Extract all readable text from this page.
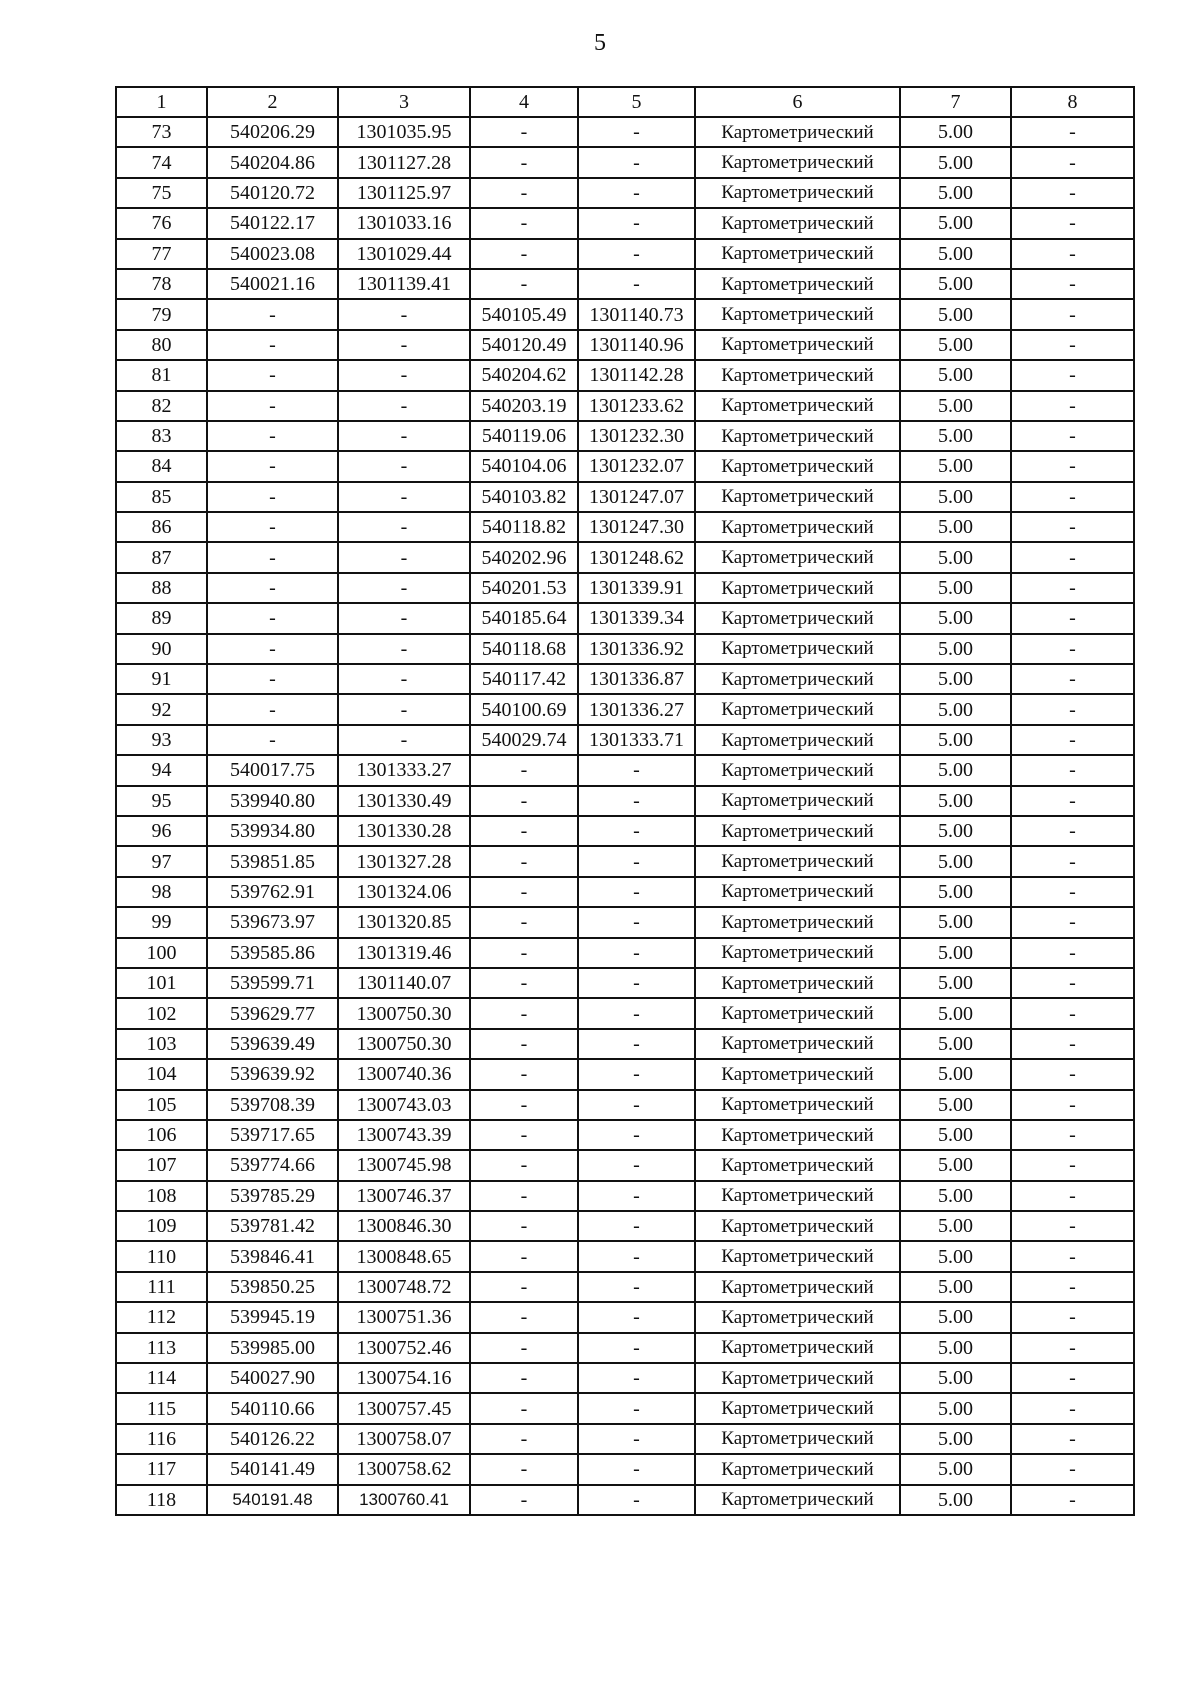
5
1	2	3	4	5	6	7	8
73	540206.29	1301035.95	-	-	Картометрический	5.00	-
74	540204.86	1301127.28	-	-	Картометрический	5.00	-
75	540120.72	1301125.97	-	-	Картометрический	5.00	-
76	540122.17	1301033.16	-	-	Картометрический	5.00	-
77	540023.08	1301029.44	-	-	Картометрический	5.00	-
78	540021.16	1301139.41	-	-	Картометрический	5.00	-
79	-	-	540105.49	1301140.73	Картометрический	5.00	-
80	-	-	540120.49	1301140.96	Картометрический	5.00	-
81	-	-	540204.62	1301142.28	Картометрический	5.00	-
82	-	-	540203.19	1301233.62	Картометрический	5.00	-
83	-	-	540119.06	1301232.30	Картометрический	5.00	-
84	-	-	540104.06	1301232.07	Картометрический	5.00	-
85	-	-	540103.82	1301247.07	Картометрический	5.00	-
86	-	-	540118.82	1301247.30	Картометрический	5.00	-
87	-	-	540202.96	1301248.62	Картометрический	5.00	-
88	-	-	540201.53	1301339.91	Картометрический	5.00	-
89	-	-	540185.64	1301339.34	Картометрический	5.00	-
90	-	-	540118.68	1301336.92	Картометрический	5.00	-
91	-	-	540117.42	1301336.87	Картометрический	5.00	-
92	-	-	540100.69	1301336.27	Картометрический	5.00	-
93	-	-	540029.74	1301333.71	Картометрический	5.00	-
94	540017.75	1301333.27	-	-	Картометрический	5.00	-
95	539940.80	1301330.49	-	-	Картометрический	5.00	-
96	539934.80	1301330.28	-	-	Картометрический	5.00	-
97	539851.85	1301327.28	-	-	Картометрический	5.00	-
98	539762.91	1301324.06	-	-	Картометрический	5.00	-
99	539673.97	1301320.85	-	-	Картометрический	5.00	-
100	539585.86	1301319.46	-	-	Картометрический	5.00	-
101	539599.71	1301140.07	-	-	Картометрический	5.00	-
102	539629.77	1300750.30	-	-	Картометрический	5.00	-
103	539639.49	1300750.30	-	-	Картометрический	5.00	-
104	539639.92	1300740.36	-	-	Картометрический	5.00	-
105	539708.39	1300743.03	-	-	Картометрический	5.00	-
106	539717.65	1300743.39	-	-	Картометрический	5.00	-
107	539774.66	1300745.98	-	-	Картометрический	5.00	-
108	539785.29	1300746.37	-	-	Картометрический	5.00	-
109	539781.42	1300846.30	-	-	Картометрический	5.00	-
110	539846.41	1300848.65	-	-	Картометрический	5.00	-
111	539850.25	1300748.72	-	-	Картометрический	5.00	-
112	539945.19	1300751.36	-	-	Картометрический	5.00	-
113	539985.00	1300752.46	-	-	Картометрический	5.00	-
114	540027.90	1300754.16	-	-	Картометрический	5.00	-
115	540110.66	1300757.45	-	-	Картометрический	5.00	-
116	540126.22	1300758.07	-	-	Картометрический	5.00	-
117	540141.49	1300758.62	-	-	Картометрический	5.00	-
118	540191.48	1300760.41	-	-	Картометрический	5.00	-
